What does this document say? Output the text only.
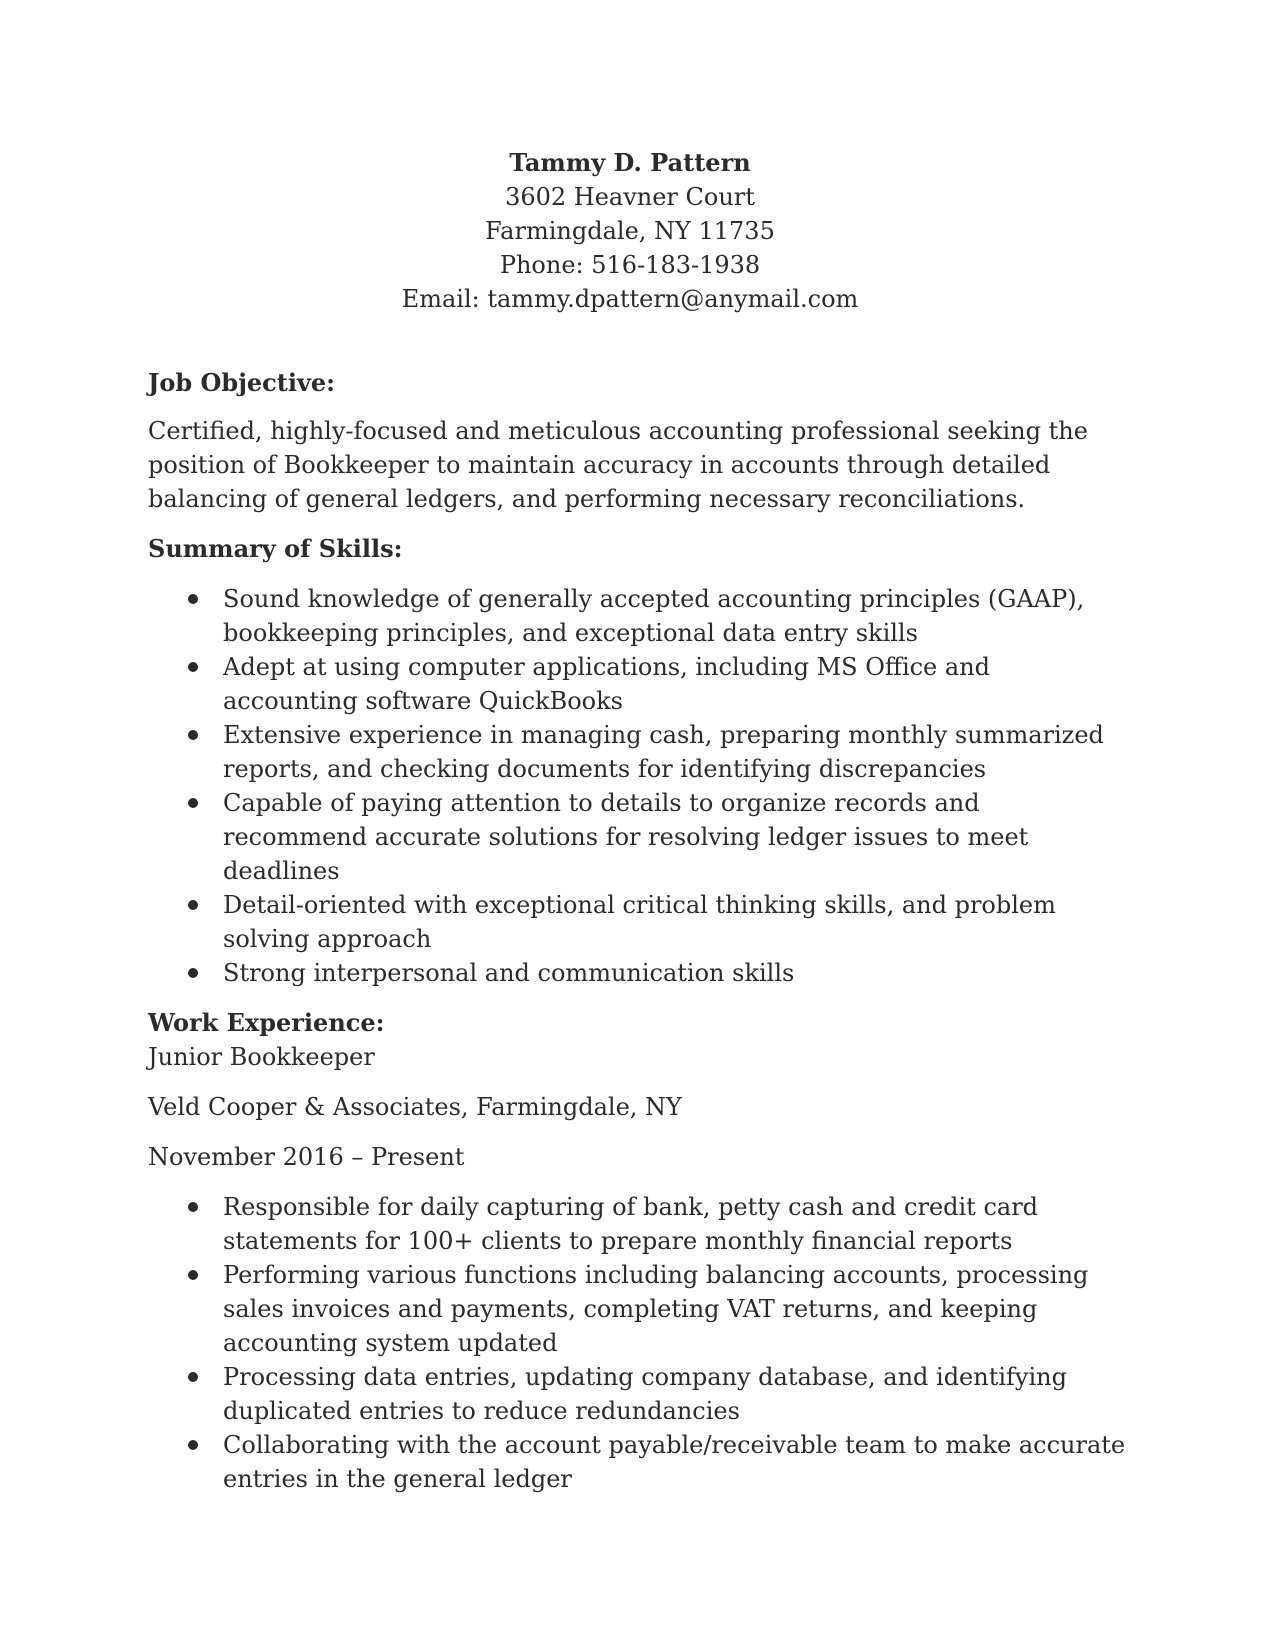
Tammy D. Pattern
3602 Heavner Court
Farmingdale, NY 11735
Phone: 516-183-1938
Email: tammy.dpattern@anymail.com
Job Objective:
Certified, highly-focused and meticulous accounting professional seeking the position of Bookkeeper to maintain accuracy in accounts through detailed balancing of general ledgers, and performing necessary reconciliations.
Summary of Skills:
Sound knowledge of generally accepted accounting principles (GAAP), bookkeeping principles, and exceptional data entry skills
Adept at using computer applications, including MS Office and accounting software QuickBooks
Extensive experience in managing cash, preparing monthly summarized reports, and checking documents for identifying discrepancies
Capable of paying attention to details to organize records and recommend accurate solutions for resolving ledger issues to meet deadlines
Detail-oriented with exceptional critical thinking skills, and problem solving approach
Strong interpersonal and communication skills
Work Experience:
Junior Bookkeeper
Veld Cooper & Associates, Farmingdale, NY
November 2016 – Present
Responsible for daily capturing of bank, petty cash and credit card statements for 100+ clients to prepare monthly financial reports
Performing various functions including balancing accounts, processing sales invoices and payments, completing VAT returns, and keeping accounting system updated
Processing data entries, updating company database, and identifying duplicated entries to reduce redundancies
Collaborating with the account payable/receivable team to make accurate entries in the general ledger
